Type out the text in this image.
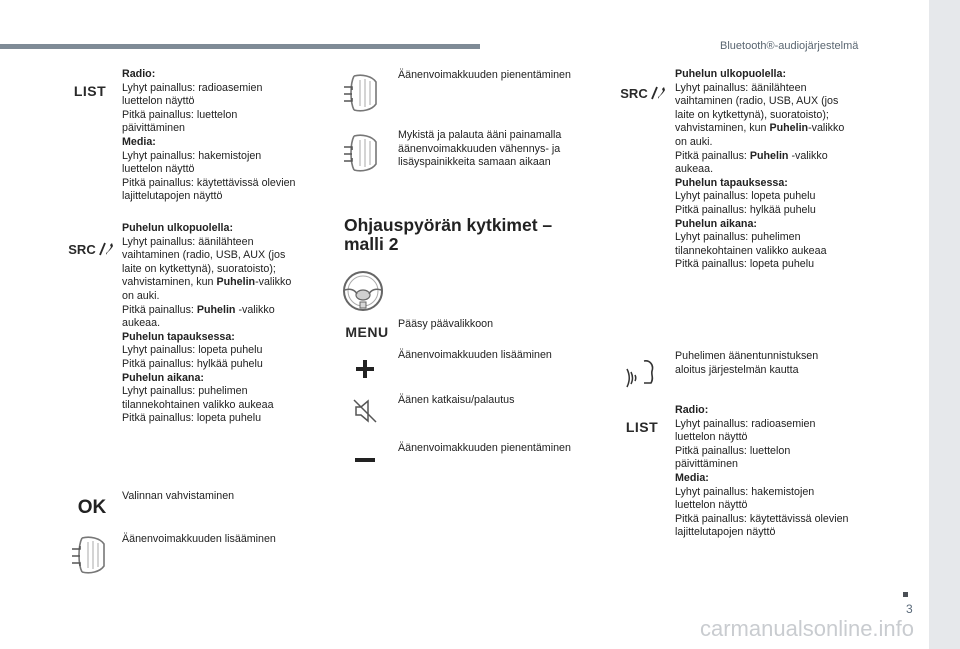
Bluetooth®-audiojärjestelmä
3
carmanualsonline.info
LIST

Radio:

Lyhyt painallus: radioasemien

luettelon näyttö

Pitkä painallus: luettelon

päivittäminen

Media:

Lyhyt painallus: hakemistojen

luettelon näyttö

Pitkä painallus: käytettävissä olevien

lajittelutapojen näyttö

SRC

Puhelun ulkopuolella:

Lyhyt painallus: äänilähteen

vaihtaminen (radio, USB, AUX (jos

laite on kytkettynä), suoratoisto);

vahvistaminen, kun Puhelin-valikko

on auki.

Pitkä painallus: Puhelin -valikko

aukeaa.

Puhelun tapauksessa:

Lyhyt painallus: lopeta puhelu

Pitkä painallus: hylkää puhelu

Puhelun aikana:

Lyhyt painallus: puhelimen

tilannekohtainen valikko aukeaa

Pitkä painallus: lopeta puhelu

OK

Valinnan vahvistaminen

Äänenvoimakkuuden lisääminen

Äänenvoimakkuuden pienentäminen

Mykistä ja palauta ääni painamalla

äänenvoimakkuuden vähennys- ja

lisäyspainikkeita samaan aikaan

Ohjauspyörän kytkimet –
malli 2
MENU Pääsy päävalikkoon

Äänenvoimakkuuden lisääminen

Äänen katkaisu/palautus

Äänenvoimakkuuden pienentäminen

SRC

Puhelun ulkopuolella:

Lyhyt painallus: äänilähteen

vaihtaminen (radio, USB, AUX (jos

laite on kytkettynä), suoratoisto);

vahvistaminen, kun Puhelin-valikko

on auki.

Pitkä painallus: Puhelin -valikko

aukeaa.

Puhelun tapauksessa:

Lyhyt painallus: lopeta puhelu

Pitkä painallus: hylkää puhelu

Puhelun aikana:

Lyhyt painallus: puhelimen

tilannekohtainen valikko aukeaa

Pitkä painallus: lopeta puhelu

Puhelimen äänentunnistuksen

aloitus järjestelmän kautta

LIST

Radio:

Lyhyt painallus: radioasemien

luettelon näyttö

Pitkä painallus: luettelon

päivittäminen

Media:

Lyhyt painallus: hakemistojen

luettelon näyttö

Pitkä painallus: käytettävissä olevien

lajittelutapojen näyttö
